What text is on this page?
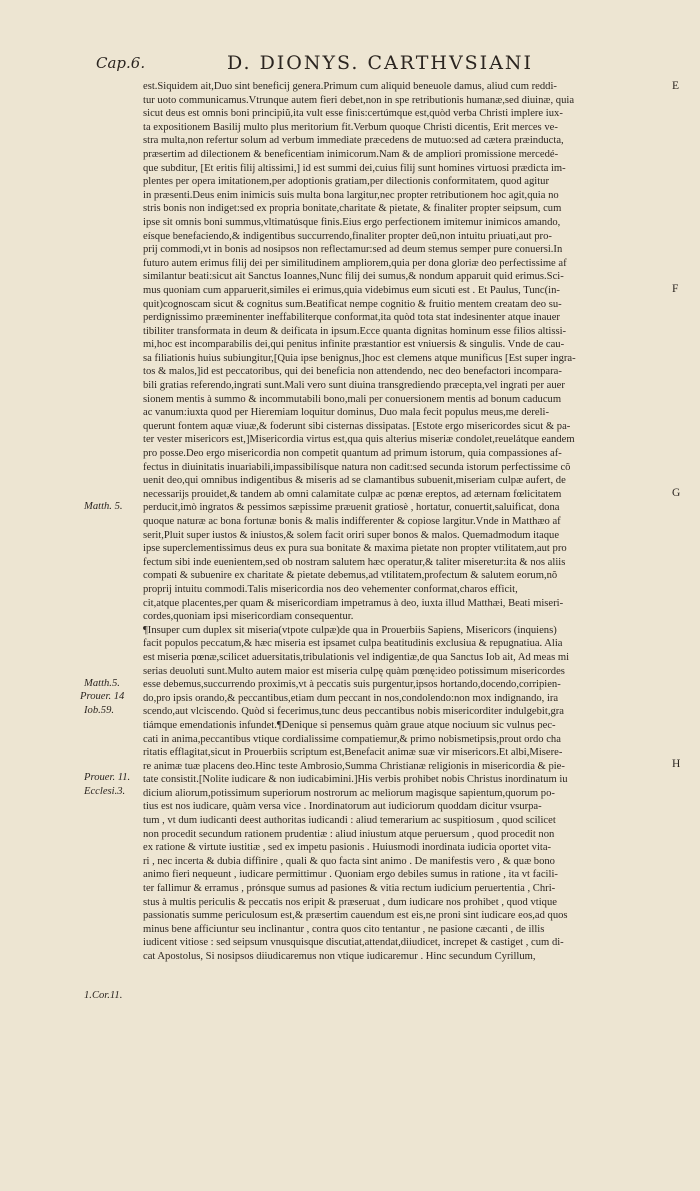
Cap.6.	D. DIONYS. CARTHVSIANI
est.Siquidem ait,Duo sint beneficij genera.Primum cum aliquid beneuole damus, aliud cum reddi-
tur uoto communicamus.Vtrunque autem fieri debet,non in spe retributionis humanæ,sed diuinæ, quia
sicut deus est omnis boni principiũ,ita vult esse finis:certúmque est,quòd verba Christi implere iux-
ta expositionem Basilij multo plus meritorium fit.Verbum quoque Christi dicentis, Erit merces ve-
stra multa,non refertur solum ad verbum immediate præcedens de mutuo:sed ad cætera præinducta,
præsertim ad dilectionem & beneficentiam inimicorum.Nam & de ampliori promissione mercedé-
que subditur, [Et eritis filij altissimi,] id est summi dei,cuius filij sunt homines virtuosi prædicta im-
plentes per opera imitationem,per adoptionis gratiam,per dilectionis conformitatem, quod agitur
in præsenti.Deus enim inimicis suis multa bona largitur,nec propter retributionem hoc agit,quia no
stris bonis non indiget:sed ex propria bonitate,charitate & pietate, & finaliter propter seipsum, cum
ipse sit omnis boni summus,vltimatúsque finis.Eius ergo perfectionem imitemur inimicos amando,
eísque benefaciendo,& indigentibus succurrendo,finaliter propter deũ,non intuitu priuati,aut pro-
prij commodi,vt in bonis ad nosipsos non reflectamur:sed ad deum stemus semper pure conuersi.In
futuro autem erimus filij dei per similitudinem ampliorem,quia per dona gloriæ deo perfectissime af
similantur beati:sicut ait Sanctus Ioannes,Nunc filij dei sumus,& nondum apparuit quid erimus.Sci-
mus quoniam cum apparuerit,similes ei erimus,quia videbimus eum sicuti est . Et Paulus, Tunc(in-
quit)cognoscam sicut & cognitus sum.Beatificat nempe cognitio & fruitio mentem creatam deo su-
perdignissimo præeminenter ineffabiliterque conformat,ita quòd tota stat indesinenter atque inauer
tibiliter transformata in deum & deificata in ipsum.Ecce quanta dignitas hominum esse filios altissi-
mi,hoc est incomparabilis dei,qui penitus infinite præstantior est vniuersis & singulis. Vnde de cau-
sa filiationis huius subiungitur,[Quia ipse benignus,]hoc est clemens atque munificus [Est super ingra-
tos & malos,]id est peccatoribus, qui dei beneficia non attendendo, nec deo benefactori incompara-
bili gratias referendo,ingrati sunt.Mali vero sunt diuina transgrediendo præcepta,vel ingrati per auer
sionem mentis à summo & incommutabili bono,mali per conuersionem mentis ad bonum caducum
ac vanum:iuxta quod per Hieremiam loquitur dominus, Duo mala fecit populus meus,me dereli-
querunt fontem aquæ viuæ,& foderunt sibi cisternas dissipatas. [Estote ergo misericordes sicut & pa-
ter vester misericors est,]Misericordia virtus est,qua quis alterius miseriæ condolet,reuelátque eandem
pro posse.Deo ergo misericordia non competit quantum ad primum istorum, quia compassiones af-
fectus in diuinitatis inuariabili,impassibilísque natura non cadit:sed secunda istorum perfectissime cõ
uenit deo,qui omnibus indigentibus & miseris ad se clamantibus subuenit,miseriam culpæ aufert, de
necessarijs prouidet,& tandem ab omni calamitate culpæ ac pœnæ ereptos, ad æternam fœlicitatem
perducit,imò ingratos & pessimos sæpissime præuenit gratiosè , hortatur, conuertit,saluificat, dona
quoque naturæ ac bona fortunæ bonis & malis indifferenter & copiose largitur.Vnde in Matthæo af
serit,Pluit super iustos & iniustos,& solem facit oriri super bonos & malos. Quemadmodum itaque
ipse superclementissimus deus ex pura sua bonitate & maxima pietate non propter vtilitatem,aut pro
fectum sibi inde euenientem,sed ob nostram salutem hæc operatur,& taliter miseretur:ita & nos aliis
compati & subuenire ex charitate & pietate debemus,ad vtilitatem,profectum & salutem eorum,nõ
proprij intuitu commodi.Talis misericordia nos deo vehementer conformat,charos efficit,
cit,atque placentes,per quam & misericordiam impetramus à deo, iuxta illud Matthæi, Beati miseri-
cordes,quoniam ipsi misericordiam consequentur.
¶Insuper cum duplex sit miseria(vtpote culpæ)de qua in Prouerbiis Sapiens, Misericors (inquiens)
facit populos peccatum,& hæc miseria est ipsamet culpa beatitudinis exclusiua & repugnatiua. Alia
est miseria pœnæ,scilicet aduersitatis,tribulationis vel indigentiæ,de qua Sanctus Iob ait, Ad meas mi
serias deuoluti sunt.Multo autem maior est miseria culpę quàm pœnę:ideo potissimum misericordes
esse debemus,succurrendo proximis,vt à peccatis suis purgentur,ipsos hortando,docendo,corripien-
do,pro ipsis orando,& peccantibus,etiam dum peccant in nos,condolendo:non mox indignando, ira
scendo,aut vlciscendo. Quòd si fecerimus,tunc deus peccantibus nobis misericorditer indulgebit,gra
tiámque emendationis infundet.¶Denique si pensemus quàm graue atque nociuum sic vulnus pec-
cati in anima,peccantibus vtique cordialissime compatiemur,& primo nobismetipsis,prout ordo cha
ritatis efflagitat,sicut in Prouerbiis scriptum est,Benefacit animæ suæ vir misericors.Et albi,Misere-
re animæ tuæ placens deo.Hinc teste Ambrosio,Summa Christianæ religionis in misericordia & pie-
tate consistit.[Nolite iudicare & non iudicabimini.]His verbis prohibet nobis Christus inordinatum iu
dicium aliorum,potissimum superiorum nostrorum ac meliorum magisque sapientum,quorum po-
tius est nos iudicare, quàm versa vice . Inordinatorum aut iudiciorum quoddam dicitur vsurpa-
tum , vt dum iudicanti deest authoritas iudicandi : aliud temerarium ac suspitiosum , quod scilicet
non procedit secundum rationem prudentiæ : aliud iniustum atque peruersum , quod procedit non
ex ratione & virtute iustitiæ , sed ex impetu pasionis . Huiusmodi inordinata iudicia oportet vita-
ri , nec incerta & dubia diffinire , quali & quo facta sint animo . De manifestis vero , & quæ bono
animo fieri nequeunt , iudicare permittimur . Quoniam ergo debiles sumus in ratione , ita vt facili-
ter fallimur & erramus , prónsque sumus ad pasiones & vitia rectum iudicium peruertentia , Chri-
stus à multis periculis & peccatis nos eripit & præseruat , dum iudicare nos prohibet , quod vtique
passionatis summe periculosum est,& præsertim cauendum est eis,ne proni sint iudicare eos,ad quos
minus bene afficiuntur seu inclinantur , contra quos cito tentantur , ne pasione cæcanti , de illis
iudicent vitiose : sed seipsum vnusquisque discutiat,attendat,diiudicet, increpet & castiget , cum di-
cat Apostolus, Si nosipsos diiudicaremus non vtique iudicaremur . Hinc secundum Cyrillum,
Matth. 5.
Matth.5.
Prouer. 14
Iob.59.
Prouer. 11.
Ecclesi.3.
1.Cor.11.
E
F
G
H
